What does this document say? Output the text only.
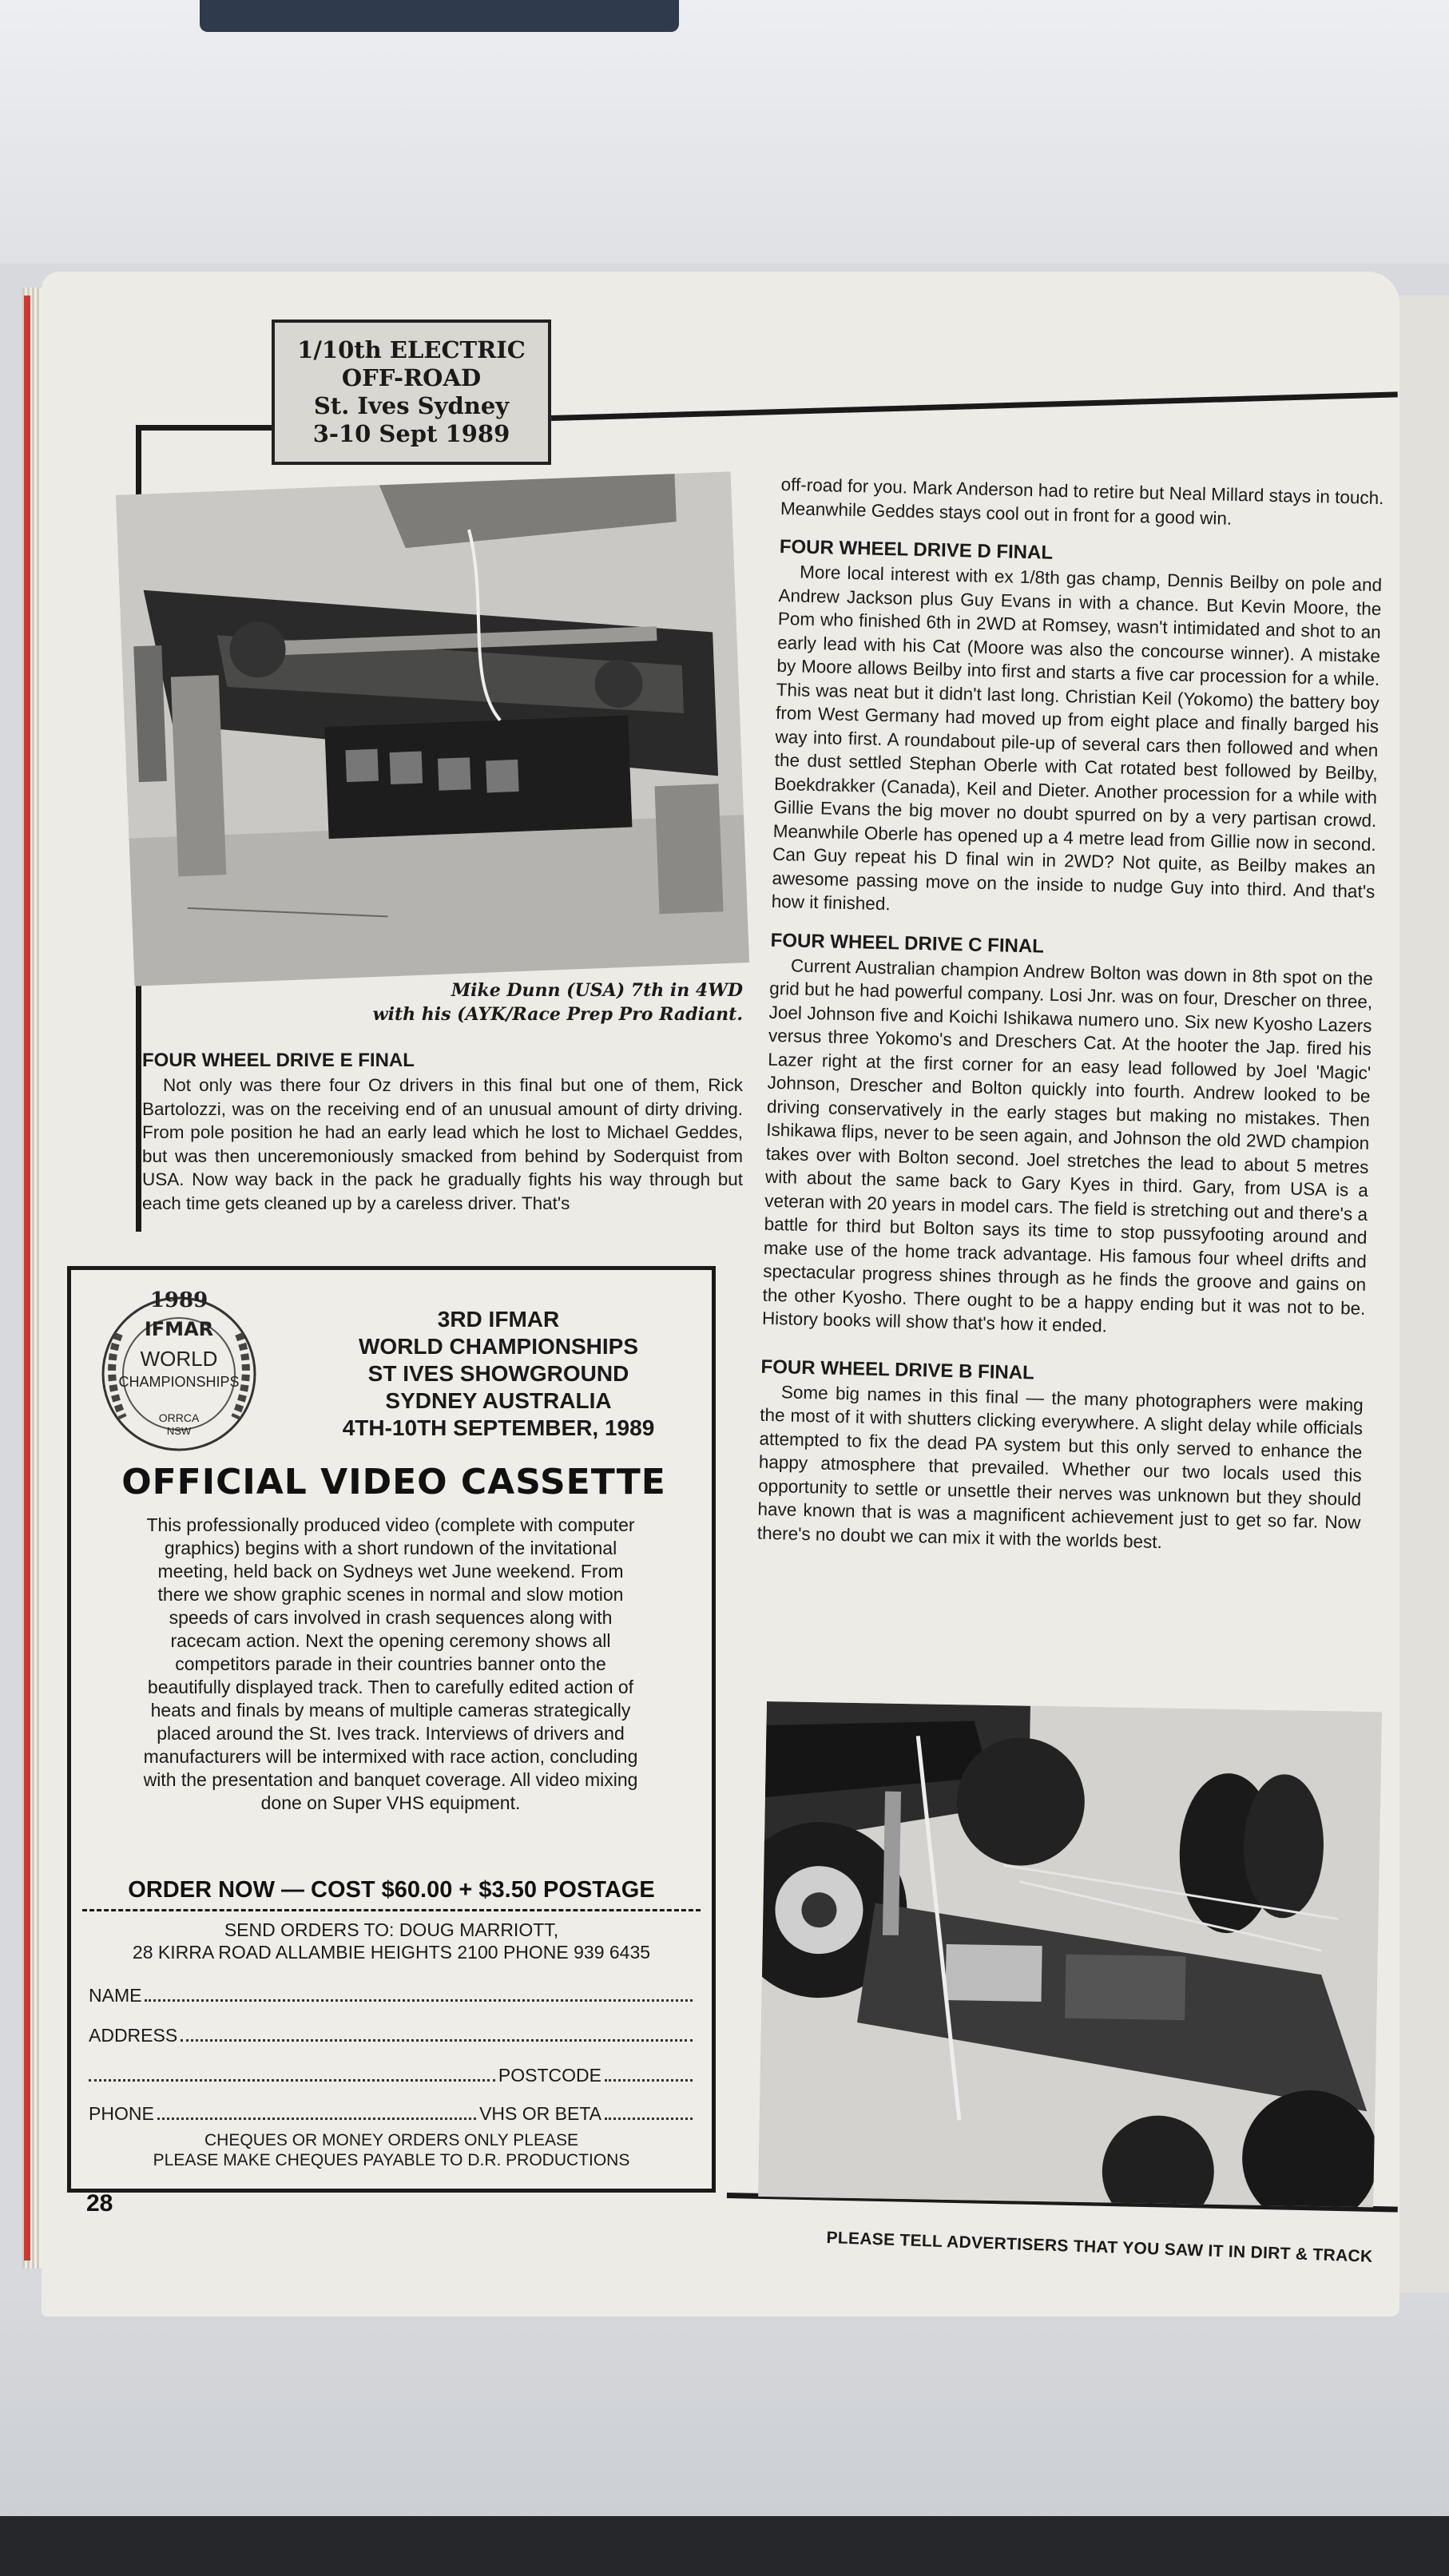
1/10th ELECTRIC
OFF-ROAD
St. Ives Sydney
3-10 Sept 1989
Mike Dunn (USA) 7th in 4WD
with his (AYK/Race Prep Pro Radiant.
FOUR WHEEL DRIVE E FINAL

Not only was there four Oz drivers in this final but one of them, Rick Bartolozzi, was on the receiving end of an unusual amount of dirty driving. From pole position he had an early lead which he lost to Michael Geddes, but was then unceremoniously smacked from behind by Soderquist from USA. Now way back in the pack he gradually fights his way through but each time gets cleaned up by a careless driver. That's

off-road for you. Mark Anderson had to retire but Neal Millard stays in touch. Meanwhile Geddes stays cool out in front for a good win.

FOUR WHEEL DRIVE D FINAL

More local interest with ex 1/8th gas champ, Dennis Beilby on pole and Andrew Jackson plus Guy Evans in with a chance. But Kevin Moore, the Pom who finished 6th in 2WD at Romsey, wasn't intimidated and shot to an early lead with his Cat (Moore was also the concourse winner). A mistake by Moore allows Beilby into first and starts a five car procession for a while. This was neat but it didn't last long. Christian Keil (Yokomo) the battery boy from West Germany had moved up from eight place and finally barged his way into first. A roundabout pile-up of several cars then followed and when the dust settled Stephan Oberle with Cat rotated best followed by Beilby, Boekdrakker (Canada), Keil and Dieter. Another procession for a while with Gillie Evans the big mover no doubt spurred on by a very partisan crowd. Meanwhile Oberle has opened up a 4 metre lead from Gillie now in second. Can Guy repeat his D final win in 2WD? Not quite, as Beilby makes an awesome passing move on the inside to nudge Guy into third. And that's how it finished.

FOUR WHEEL DRIVE C FINAL

Current Australian champion Andrew Bolton was down in 8th spot on the grid but he had powerful company. Losi Jnr. was on four, Drescher on three, Joel Johnson five and Koichi Ishikawa numero uno. Six new Kyosho Lazers versus three Yokomo's and Dreschers Cat. At the hooter the Jap. fired his Lazer right at the first corner for an easy lead followed by Joel 'Magic' Johnson, Drescher and Bolton quickly into fourth. Andrew looked to be driving conservatively in the early stages but making no mistakes. Then Ishikawa flips, never to be seen again, and Johnson the old 2WD champion takes over with Bolton second. Joel stretches the lead to about 5 metres with about the same back to Gary Kyes in third. Gary, from USA is a veteran with 20 years in model cars. The field is stretching out and there's a battle for third but Bolton says its time to stop pussyfooting around and make use of the home track advantage. His famous four wheel drifts and spectacular progress shines through as he finds the groove and gains on the other Kyosho. There ought to be a happy ending but it was not to be. History books will show that's how it ended.

FOUR WHEEL DRIVE B FINAL

Some big names in this final — the many photographers were making the most of it with shutters clicking everywhere. A slight delay while officials attempted to fix the dead PA system but this only served to enhance the happy atmosphere that prevailed. Whether our two locals used this opportunity to settle or unsettle their nerves was unknown but they should have known that is was a magnificent achievement just to get so far. Now there's no doubt we can mix it with the worlds best.

1989
IFMAR
WORLD
CHAMPIONSHIPS
ORRCA
NSW
3RD IFMAR
WORLD CHAMPIONSHIPS
ST IVES SHOWGROUND
SYDNEY AUSTRALIA
4TH-10TH SEPTEMBER, 1989
OFFICIAL VIDEO CASSETTE
This professionally produced video (complete with computer graphics) begins with a short rundown of the invitational meeting, held back on Sydneys wet June weekend. From there we show graphic scenes in normal and slow motion speeds of cars involved in crash sequences along with racecam action. Next the opening ceremony shows all competitors parade in their countries banner onto the beautifully displayed track. Then to carefully edited action of heats and finals by means of multiple cameras strategically placed around the St. Ives track. Interviews of drivers and manufacturers will be intermixed with race action, concluding with the presentation and banquet coverage. All video mixing done on Super VHS equipment.
ORDER NOW — COST $60.00 + $3.50 POSTAGE
SEND ORDERS TO: DOUG MARRIOTT,
28 KIRRA ROAD ALLAMBIE HEIGHTS 2100 PHONE 939 6435
NAME
ADDRESS
POSTCODE
PHONE	VHS OR BETA
CHEQUES OR MONEY ORDERS ONLY PLEASE
PLEASE MAKE CHEQUES PAYABLE TO D.R. PRODUCTIONS
28
PLEASE TELL ADVERTISERS THAT YOU SAW IT IN DIRT & TRACK
